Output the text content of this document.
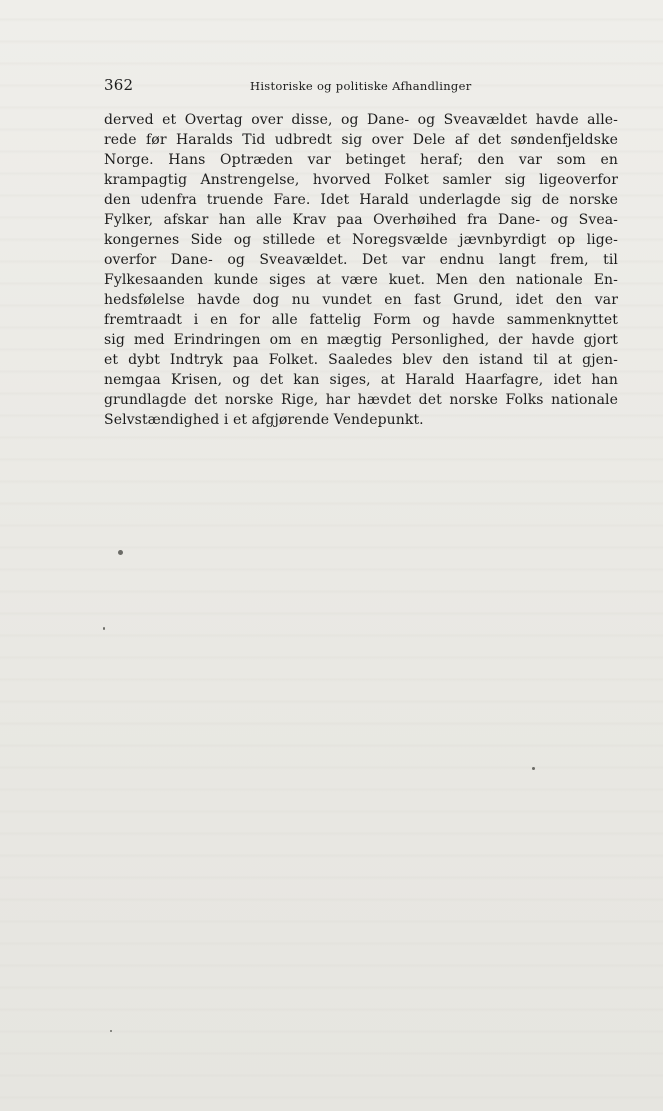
362	Historiske og politiske Afhandlinger
derved et Overtag over disse, og Dane- og Sveavældet havde alle-
rede før Haralds Tid udbredt sig over Dele af det søndenfjeldske
Norge. Hans Optræden var betinget heraf; den var som en
krampagtig Anstrengelse, hvorved Folket samler sig ligeoverfor
den udenfra truende Fare. Idet Harald underlagde sig de norske
Fylker, afskar han alle Krav paa Overhøihed fra Dane- og Svea-
kongernes Side og stillede et Noregsvælde jævnbyrdigt op lige-
overfor Dane- og Sveavældet. Det var endnu langt frem, til
Fylkesaanden kunde siges at være kuet. Men den nationale En-
hedsfølelse havde dog nu vundet en fast Grund, idet den var
fremtraadt i en for alle fattelig Form og havde sammenknyttet
sig med Erindringen om en mægtig Personlighed, der havde gjort
et dybt Indtryk paa Folket. Saaledes blev den istand til at gjen-
nemgaa Krisen, og det kan siges, at Harald Haarfagre, idet han
grundlagde det norske Rige, har hævdet det norske Folks nationale
Selvstændighed i et afgjørende Vendepunkt.
